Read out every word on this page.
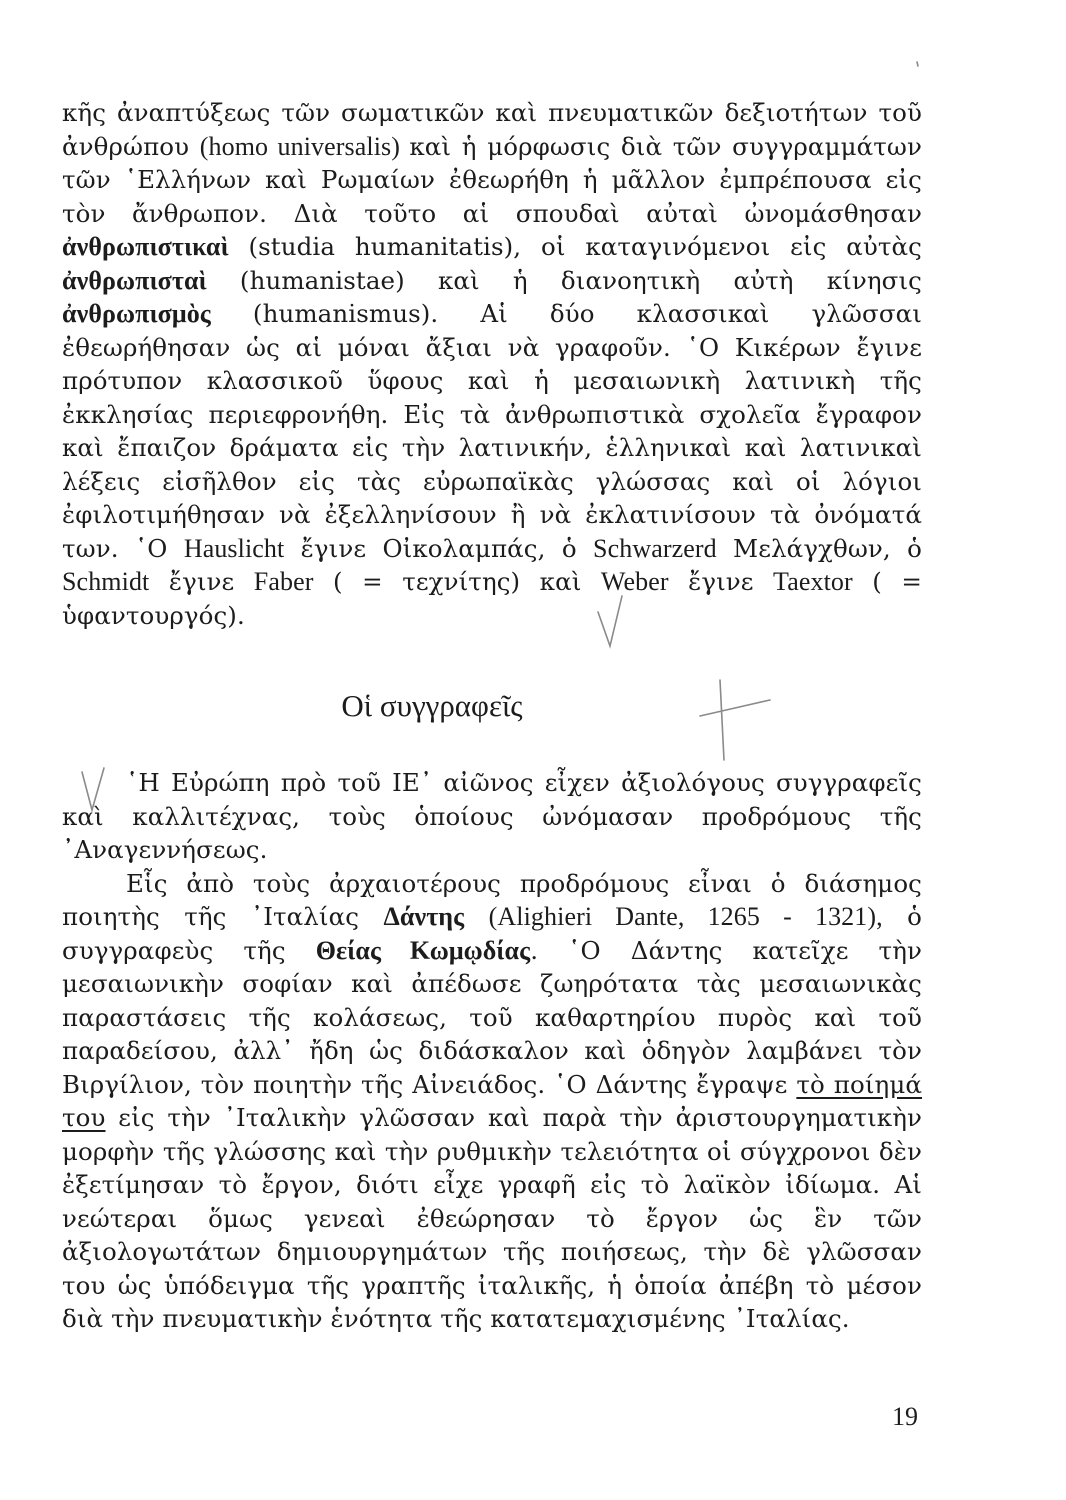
κῆς ἀναπτύξεως τῶν σωματικῶν καὶ πνευματικῶν δεξιοτήτων τοῦ ἀνθρώπου (homo universalis) καὶ ἡ μόρφωσις διὰ τῶν συγγραμμάτων τῶν ῾Ελλήνων καὶ Ρωμαίων ἐθεωρήθη ἡ μᾶλλον ἐμπρέπουσα εἰς τὸν ἄνθρωπον. Διὰ τοῦτο αἱ σπουδαὶ αὐταὶ ὠνομάσθησαν ἀνθρωπιστικαὶ (studia humanitatis), οἱ καταγινόμενοι εἰς αὐτὰς ἀνθρωπισταὶ (humanistae) καὶ ἡ διανοητικὴ αὐτὴ κίνησις ἀνθρωπισμὸς (humanismus). Αἱ δύο κλασσικαὶ γλῶσσαι ἐθεωρήθησαν ὡς αἱ μόναι ἄξιαι νὰ γραφοῦν. ῾Ο Κικέρων ἔγινε πρότυπον κλασσικοῦ ὕφους καὶ ἡ μεσαιωνικὴ λατινικὴ τῆς ἐκκλησίας περιεφρονήθη. Εἰς τὰ ἀνθρωπιστικὰ σχολεῖα ἔγραφον καὶ ἔπαιζον δράματα εἰς τὴν λατινικήν, ἑλληνικαὶ καὶ λατινικαὶ λέξεις εἰσῆλθον εἰς τὰς εὐρωπαϊκὰς γλώσσας καὶ οἱ λόγιοι ἐφιλοτιμήθησαν νὰ ἐξελληνίσουν ἢ νὰ ἐκλατινίσουν τὰ ὀνόματά των. ῾Ο Hauslicht ἔγινε Οἰκολαμπάς, ὁ Schwarzerd Μελάγχθων, ὁ Schmidt ἔγινε Faber ( = τεχνίτης) καὶ Weber ἔγινε Taextor ( = ὑφαντουργός).

Οἱ συγγραφεῖς

῾Η Εὐρώπη πρὸ τοῦ ΙΕ᾽ αἰῶνος εἶχεν ἀξιολόγους συγγραφεῖς καὶ καλλιτέχνας, τοὺς ὁποίους ὠνόμασαν προδρόμους τῆς ᾽Αναγεννήσεως.

Εἷς ἀπὸ τοὺς ἀρχαιοτέρους προδρόμους εἶναι ὁ διάσημος ποιητὴς τῆς ᾽Ιταλίας Δάντης (Alighieri Dante, 1265 - 1321), ὁ συγγραφεὺς τῆς Θείας Κωμῳδίας. ῾Ο Δάντης κατεῖχε τὴν μεσαιωνικὴν σοφίαν καὶ ἀπέδωσε ζωηρότατα τὰς μεσαιωνικὰς παραστάσεις τῆς κολάσεως, τοῦ καθαρτηρίου πυρὸς καὶ τοῦ παραδείσου, ἀλλ᾽ ἤδη ὡς διδάσκαλον καὶ ὁδηγὸν λαμβάνει τὸν Βιργίλιον, τὸν ποιητὴν τῆς Αἰνειάδος. ῾Ο Δάντης ἔγραψε τὸ ποίημά του εἰς τὴν ᾽Ιταλικὴν γλῶσσαν καὶ παρὰ τὴν ἀριστουργηματικὴν μορφὴν τῆς γλώσσης καὶ τὴν ρυθμικὴν τελειότητα οἱ σύγχρονοι δὲν ἐξετίμησαν τὸ ἔργον, διότι εἶχε γραφῆ εἰς τὸ λαϊκὸν ἰδίωμα. Αἱ νεώτεραι ὅμως γενεαὶ ἐθεώρησαν τὸ ἔργον ὡς ἓν τῶν ἀξιολογωτάτων δημιουργημάτων τῆς ποιήσεως, τὴν δὲ γλῶσσαν του ὡς ὑπόδειγμα τῆς γραπτῆς ἰταλικῆς, ἡ ὁποία ἀπέβη τὸ μέσον διὰ τὴν πνευματικὴν ἑνότητα τῆς κατατεμαχισμένης ᾽Ιταλίας.

19
